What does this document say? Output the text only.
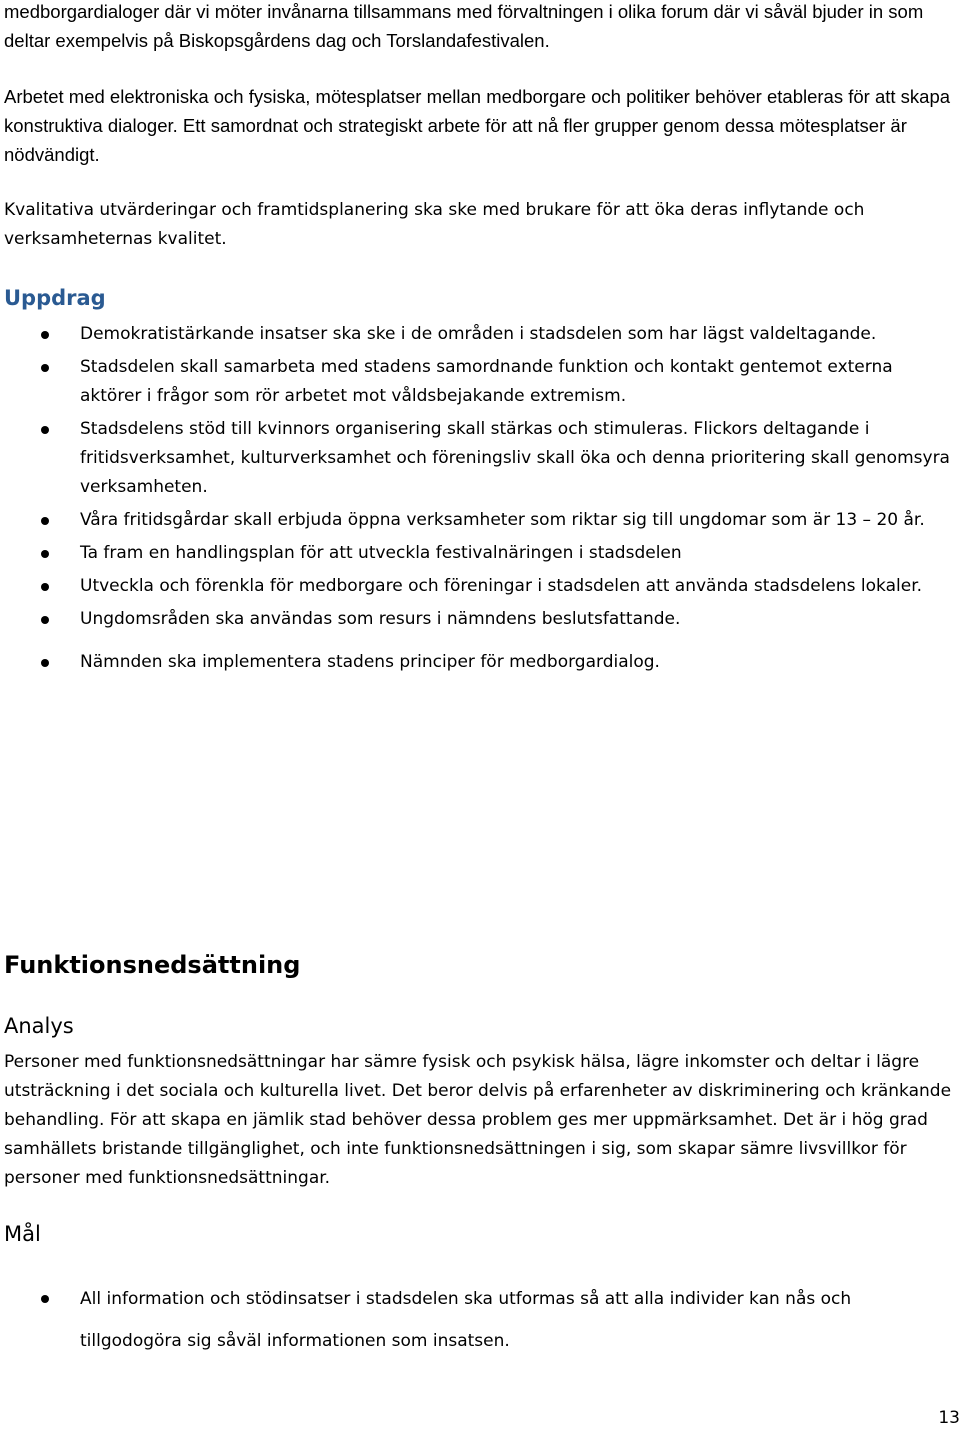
medborgardialoger där vi möter invånarna tillsammans med förvaltningen i olika forum där vi såväl bjuder in som deltar exempelvis på Biskopsgårdens dag och Torslandafestivalen.

Arbetet med elektroniska och fysiska, mötesplatser mellan medborgare och politiker behöver etableras för att skapa konstruktiva dialoger. Ett samordnat och strategiskt arbete för att nå fler grupper genom dessa mötesplatser är nödvändigt.

Kvalitativa utvärderingar och framtidsplanering ska ske med brukare för att öka deras inflytande och verksamheternas kvalitet.

Uppdrag
Demokratistärkande insatser ska ske i de områden i stadsdelen som har lägst valdeltagande.
Stadsdelen skall samarbeta med stadens samordnande funktion och kontakt gentemot externa aktörer i frågor som rör arbetet mot våldsbejakande extremism.
Stadsdelens stöd till kvinnors organisering skall stärkas och stimuleras. Flickors deltagande i fritidsverksamhet, kulturverksamhet och föreningsliv skall öka och denna prioritering skall genomsyra verksamheten.
Våra fritidsgårdar skall erbjuda öppna verksamheter som riktar sig till ungdomar som är 13 – 20 år.
Ta fram en handlingsplan för att utveckla festivalnäringen i stadsdelen
Utveckla och förenkla för medborgare och föreningar i stadsdelen att använda stadsdelens lokaler.
Ungdomsråden ska användas som resurs i nämndens beslutsfattande.
Nämnden ska implementera stadens principer för medborgardialog.
Funktionsnedsättning
Analys

Personer med funktionsnedsättningar har sämre fysisk och psykisk hälsa, lägre inkomster och deltar i lägre utsträckning i det sociala och kulturella livet. Det beror delvis på erfarenheter av diskriminering och kränkande behandling. För att skapa en jämlik stad behöver dessa problem ges mer uppmärksamhet. Det är i hög grad samhällets bristande tillgänglighet, och inte funktionsnedsättningen i sig, som skapar sämre livsvillkor för personer med funktionsnedsättningar.

Mål
All information och stödinsatser i stadsdelen ska utformas så att alla individer kan nås och tillgodogöra sig såväl informationen som insatsen.
13
